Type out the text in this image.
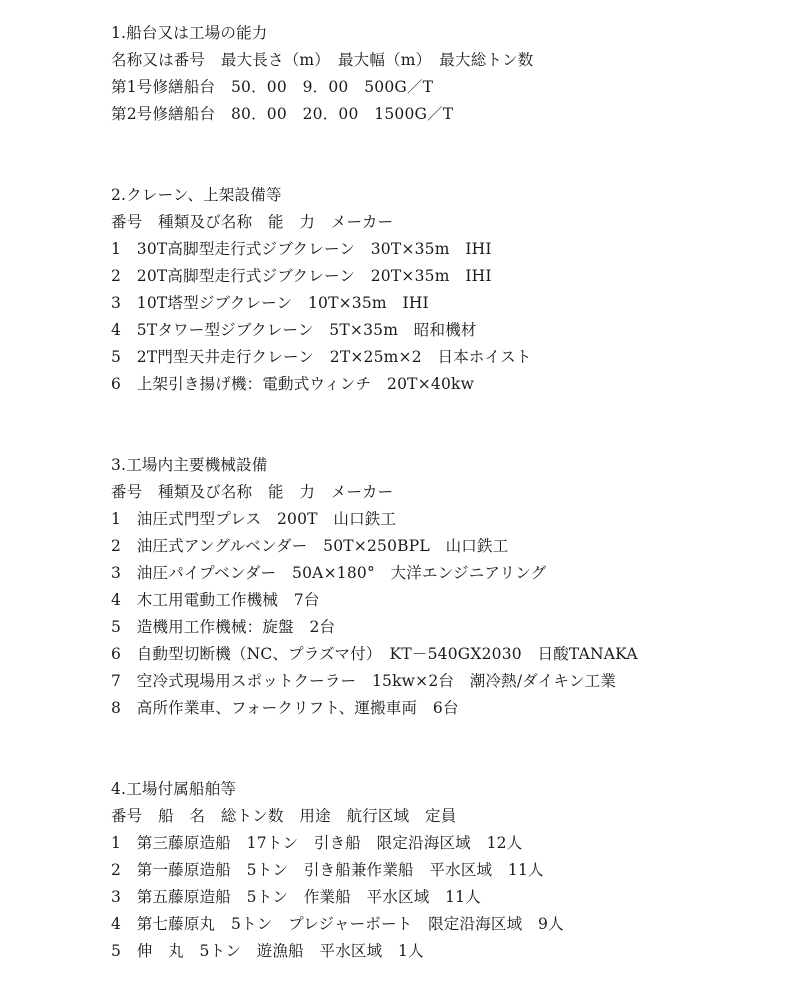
1.船台又は工場の能力
名称又は番号　最大長さ（m）　最大幅（m）　最大総トン数
第1号修繕船台　50．00　9．00　500G／T
第2号修繕船台　80．00　20．00　1500G／T
2.クレーン、上架設備等
番号　種類及び名称　能　力　メーカー
1　30T高脚型走行式ジブクレーン　30T×35m　IHI
2　20T高脚型走行式ジブクレーン　20T×35m　IHI
3　10T塔型ジブクレーン　10T×35m　IHI
4　5Tタワー型ジブクレーン　5T×35m　昭和機材
5　2T門型天井走行クレーン　2T×25m×2　日本ホイスト
6　上架引き揚げ機：電動式ウィンチ　20T×40kw
3.工場内主要機械設備
番号　種類及び名称　能　力　メーカー
1　油圧式門型プレス　200T　山口鉄工
2　油圧式アングルベンダー　50T×250BPL　山口鉄工
3　油圧パイプベンダー　50A×180°　大洋エンジニアリング
4　木工用電動工作機械　7台
5　造機用工作機械：旋盤　2台
6　自動型切断機（NC、プラズマ付）　KT－540GX2030　日酸TANAKA
7　空冷式現場用スポットクーラー　15kw×2台　潮冷熱/ダイキン工業
8　高所作業車、フォークリフト、運搬車両　6台
4.工場付属船舶等
番号　船　名　総トン数　用途　航行区域　定員
1　第三藤原造船　17トン　引き船　限定沿海区域　12人
2　第一藤原造船　5トン　引き船兼作業船　平水区域　11人
3　第五藤原造船　5トン　作業船　平水区域　11人
4　第七藤原丸　5トン　プレジャーボート　限定沿海区域　9人
5　伸　丸　5トン　遊漁船　平水区域　1人
